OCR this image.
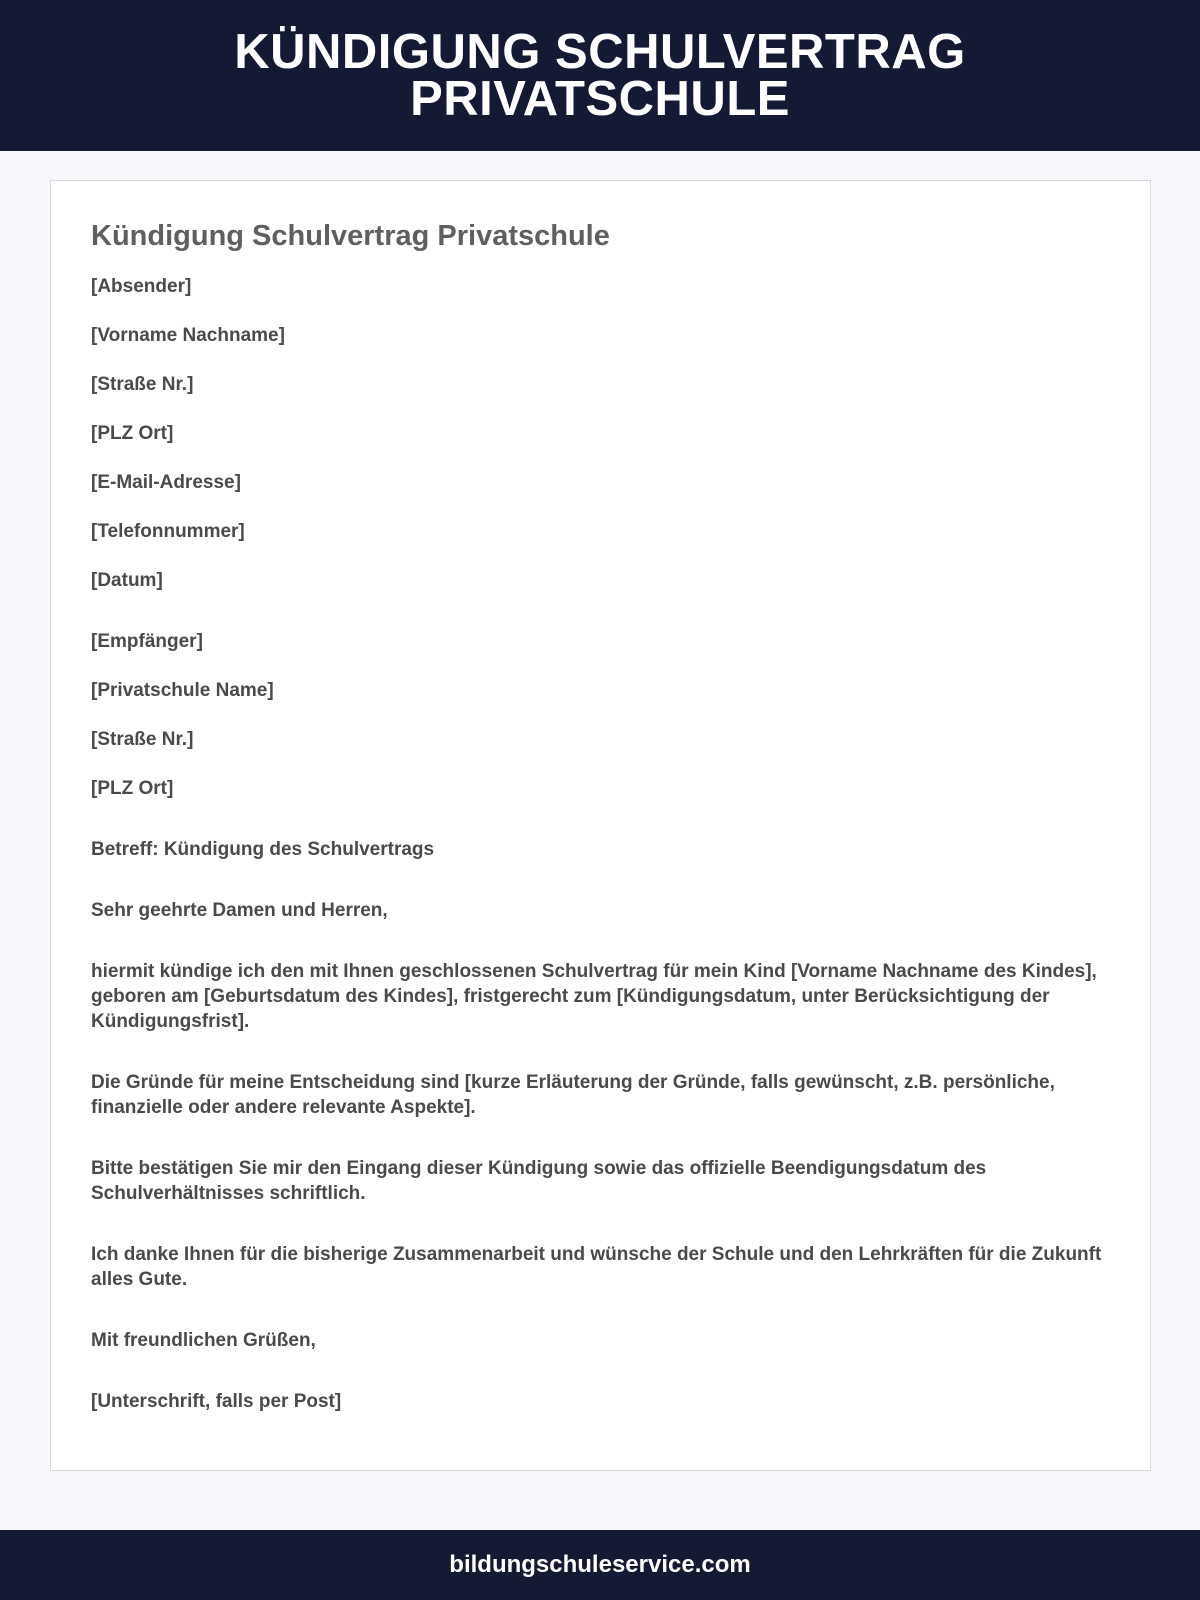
KÜNDIGUNG SCHULVERTRAG PRIVATSCHULE
Kündigung Schulvertrag Privatschule

[Absender]

[Vorname Nachname]

[Straße Nr.]

[PLZ Ort]

[E-Mail-Adresse]

[Telefonnummer]

[Datum]

[Empfänger]

[Privatschule Name]

[Straße Nr.]

[PLZ Ort]

Betreff: Kündigung des Schulvertrags

Sehr geehrte Damen und Herren,

hiermit kündige ich den mit Ihnen geschlossenen Schulvertrag für mein Kind [Vorname Nachname des Kindes], geboren am [Geburtsdatum des Kindes], fristgerecht zum [Kündigungsdatum, unter Berücksichtigung der Kündigungsfrist].

Die Gründe für meine Entscheidung sind [kurze Erläuterung der Gründe, falls gewünscht, z.B. persönliche, finanzielle oder andere relevante Aspekte].

Bitte bestätigen Sie mir den Eingang dieser Kündigung sowie das offizielle Beendigungsdatum des Schulverhältnisses schriftlich.

Ich danke Ihnen für die bisherige Zusammenarbeit und wünsche der Schule und den Lehrkräften für die Zukunft alles Gute.

Mit freundlichen Grüßen,

[Unterschrift, falls per Post]

bildungschuleservice.com
